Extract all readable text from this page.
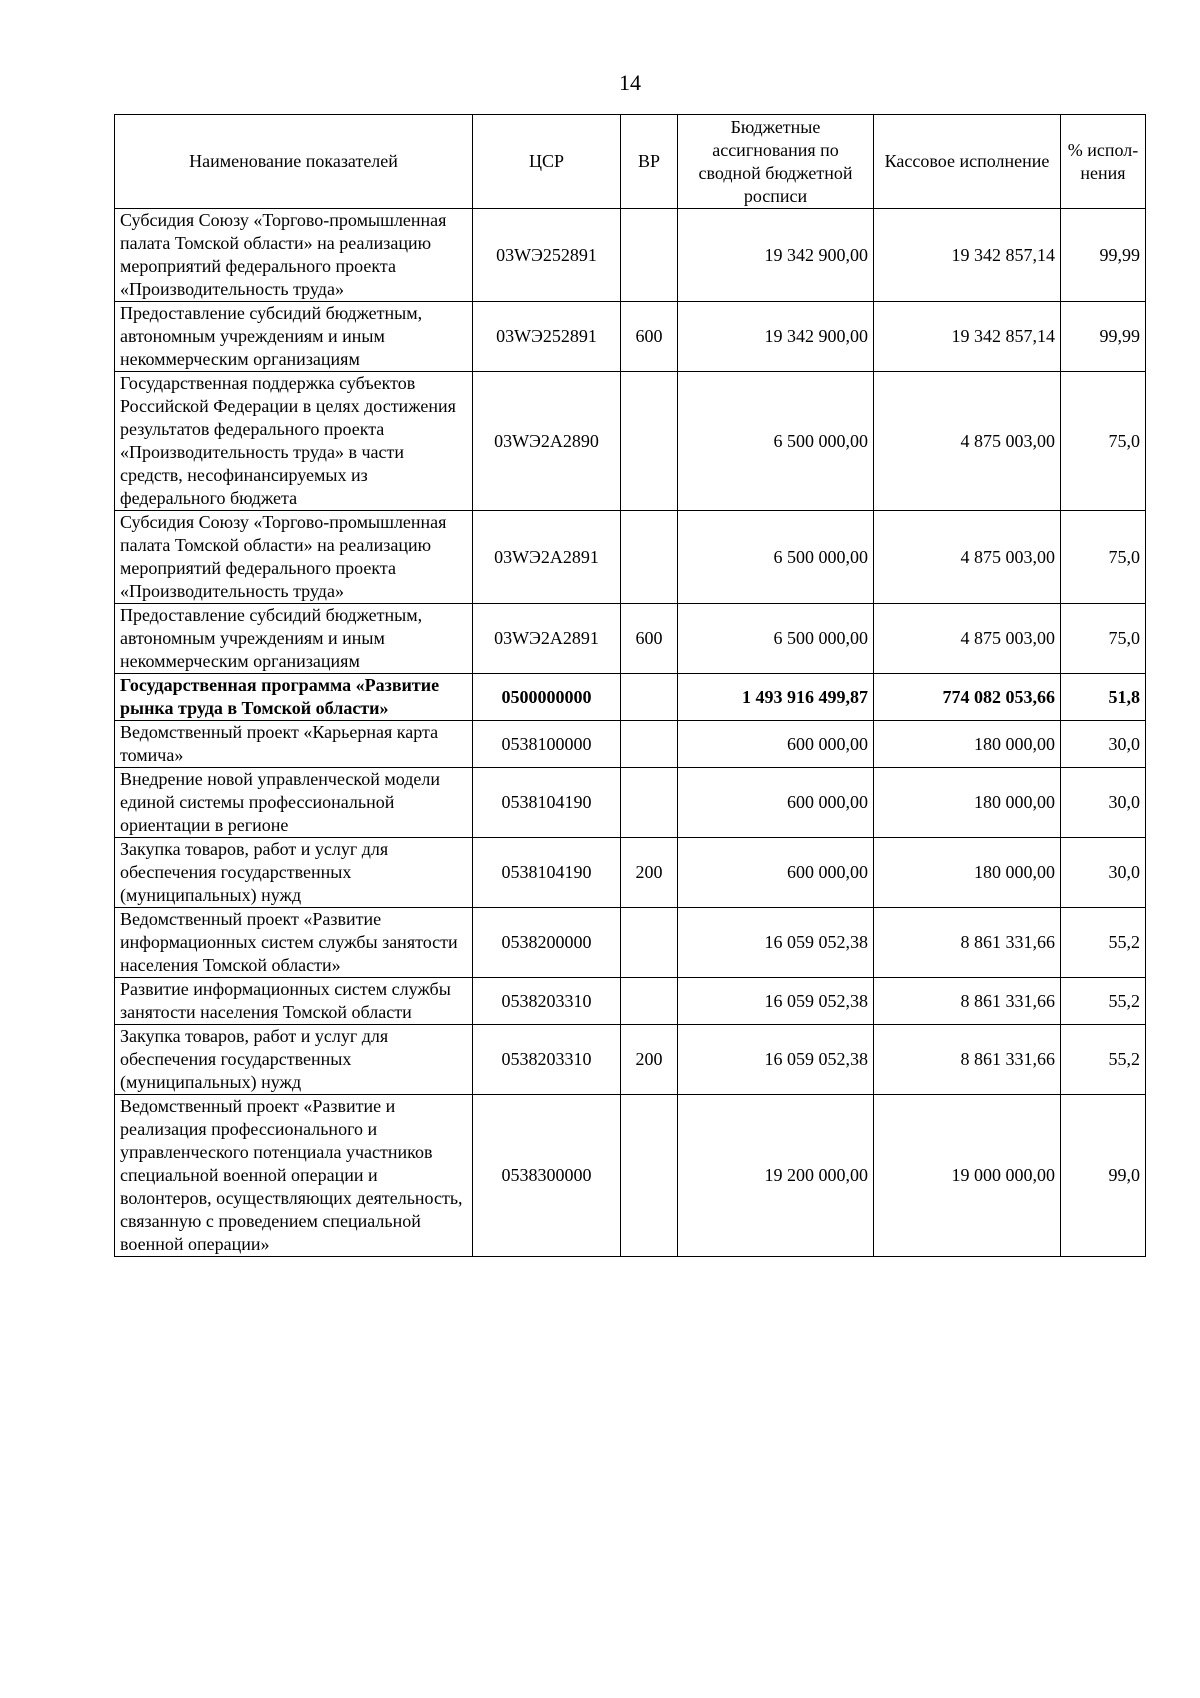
14
Наименование показателей	ЦСР	ВР	Бюджетные ассигнования по сводной бюджетной росписи	Кассовое исполнение	% испол-нения
Субсидия Союзу «Торгово-промышленная палата Томской области» на реализацию мероприятий федерального проекта «Производительность труда»	03WЭ252891		19 342 900,00	19 342 857,14	99,99
Предоставление субсидий бюджетным, автономным учреждениям и иным некоммерческим организациям	03WЭ252891	600	19 342 900,00	19 342 857,14	99,99
Государственная поддержка субъектов Российской Федерации в целях достижения результатов федерального проекта «Производительность труда» в части средств, несофинансируемых из федерального бюджета	03WЭ2А2890		6 500 000,00	4 875 003,00	75,0
Субсидия Союзу «Торгово-промышленная палата Томской области» на реализацию мероприятий федерального проекта «Производительность труда»	03WЭ2А2891		6 500 000,00	4 875 003,00	75,0
Предоставление субсидий бюджетным, автономным учреждениям и иным некоммерческим организациям	03WЭ2А2891	600	6 500 000,00	4 875 003,00	75,0
Государственная программа «Развитие рынка труда в Томской области»	0500000000		1 493 916 499,87	774 082 053,66	51,8
Ведомственный проект «Карьерная карта томича»	0538100000		600 000,00	180 000,00	30,0
Внедрение новой управленческой модели единой системы профессиональной ориентации в регионе	0538104190		600 000,00	180 000,00	30,0
Закупка товаров, работ и услуг для обеспечения государственных (муниципальных) нужд	0538104190	200	600 000,00	180 000,00	30,0
Ведомственный проект «Развитие информационных систем службы занятости населения Томской области»	0538200000		16 059 052,38	8 861 331,66	55,2
Развитие информационных систем службы занятости населения Томской области	0538203310		16 059 052,38	8 861 331,66	55,2
Закупка товаров, работ и услуг для обеспечения государственных (муниципальных) нужд	0538203310	200	16 059 052,38	8 861 331,66	55,2
Ведомственный проект «Развитие и реализация профессионального и управленческого потенциала участников специальной военной операции и волонтеров, осуществляющих деятельность, связанную с проведением специальной военной операции»	0538300000		19 200 000,00	19 000 000,00	99,0
